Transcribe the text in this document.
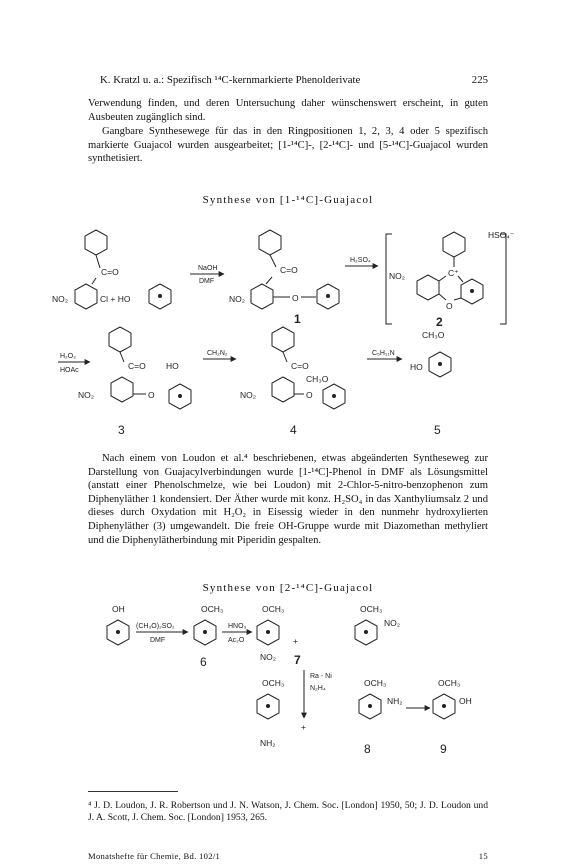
K. Kratzl u. a.: Spezifisch ¹⁴C-kernmarkierte Phenolderivate	225

Verwendung finden, und deren Untersuchung daher wünschenswert erscheint, in guten Ausbeuten zugänglich sind.

Gangbare Synthesewege für das in den Ringpositionen 1, 2, 3, 4 oder 5 spezifisch markierte Guajacol wurden ausgearbeitet; [1-¹⁴C]-, [2-¹⁴C]- und [5-¹⁴C]-Guajacol wurden synthetisiert.

Synthese von [1-¹⁴C]-Guajacol
C=O
NO₂	Cl + HO
NaOH
DMF
C=O
NO₂	O
1
H₂SO₄
C⁺
O
NO₂
2
HSO₄⁻
H₂O₂
HOAc	C=O HO
NO₂	O
3
CH₂N₂
C=O
CH₃O
NO₂	O
4
C₅H₁₁N
CH₃O
HO
5

Nach einem von Loudon et al.⁴ beschriebenen, etwas abgeänderten Syntheseweg zur Darstellung von Guajacylverbindungen wurde [1-¹⁴C]-Phenol in DMF als Lösungsmittel (anstatt einer Phenolschmelze, wie bei Loudon) mit 2-Chlor-5-nitro-benzophenon zum Diphenyläther 1 kondensiert. Der Äther wurde mit konz. H₂SO₄ in das Xanthyliumsalz 2 und dieses durch Oxydation mit H₂O₂ in Eisessig wieder in den nunmehr hydroxylierten Diphenyläther (3) umgewandelt. Die freie OH-Gruppe wurde mit Diazomethan methyliert und die Diphenylätherbindung mit Piperidin gespalten.

Synthese von [2-¹⁴C]-Guajacol
OH
(CH₃O)₂SO₂
DMF
OCH₃
6
HNO₃
Ac₂O
OCH₃
NO₂
+
7
OCH₃
NO₂
OCH₃
NH₂
Ra - Ni
N₂H₄
+
OCH₃
NH₂
8
OCH₃
OH
9

⁴ J. D. Loudon, J. R. Robertson und J. N. Watson, J. Chem. Soc. [London] 1950, 50; J. D. Loudon und J. A. Scott, J. Chem. Soc. [London] 1953, 265.

Monatshefte für Chemie, Bd. 102/1	15
